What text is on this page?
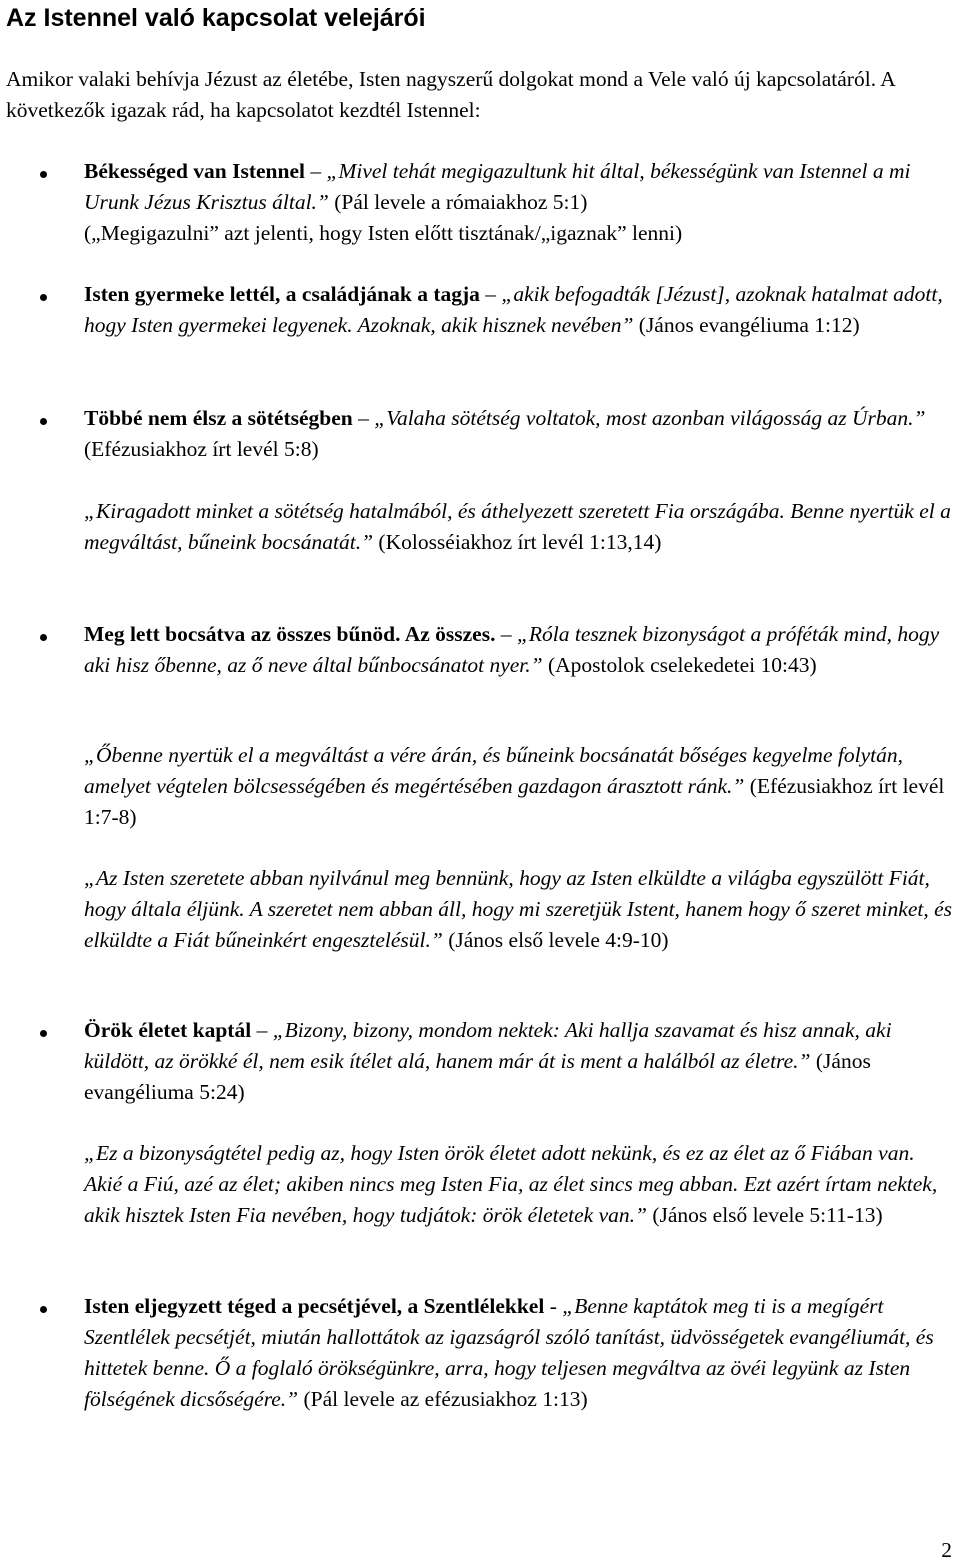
Az Istennel való kapcsolat velejárói

Amikor valaki behívja Jézust az életébe, Isten nagyszerű dolgokat mond a Vele való új kapcsolatáról. A következők igazak rád, ha kapcsolatot kezdtél Istennel:

Békességed van Istennel – „Mivel tehát megigazultunk hit által, békességünk van Istennel a mi Urunk Jézus Krisztus által.” (Pál levele a rómaiakhoz 5:1)
(„Megigazulni” azt jelenti, hogy Isten előtt tisztának/„igaznak” lenni)

Isten gyermeke lettél, a családjának a tagja – „akik befogadták [Jézust], azoknak hatalmat adott, hogy Isten gyermekei legyenek. Azoknak, akik hisznek nevében” (János evangéliuma 1:12)

Többé nem élsz a sötétségben – „Valaha sötétség voltatok, most azonban világosság az Úrban.” (Efézusiakhoz írt levél 5:8)

„Kiragadott minket a sötétség hatalmából, és áthelyezett szeretett Fia országába. Benne nyertük el a megváltást, bűneink bocsánatát.” (Kolosséiakhoz írt levél 1:13,14)

Meg lett bocsátva az összes bűnöd. Az összes. – „Róla tesznek bizonyságot a próféták mind, hogy aki hisz őbenne, az ő neve által bűnbocsánatot nyer.” (Apostolok cselekedetei 10:43)

„Őbenne nyertük el a megváltást a vére árán, és bűneink bocsánatát bőséges kegyelme folytán, amelyet végtelen bölcsességében és megértésében gazdagon árasztott ránk.” (Efézusiakhoz írt levél 1:7-8)

„Az Isten szeretete abban nyilvánul meg bennünk, hogy az Isten elküldte a világba egyszülött Fiát, hogy általa éljünk. A szeretet nem abban áll, hogy mi szeretjük Istent, hanem hogy ő szeret minket, és elküldte a Fiát bűneinkért engesztelésül.” (János első levele 4:9-10)

Örök életet kaptál – „Bizony, bizony, mondom nektek: Aki hallja szavamat és hisz annak, aki küldött, az örökké él, nem esik ítélet alá, hanem már át is ment a halálból az életre.” (János evangéliuma 5:24)

„Ez a bizonyságtétel pedig az, hogy Isten örök életet adott nekünk, és ez az élet az ő Fiában van. Akié a Fiú, azé az élet; akiben nincs meg Isten Fia, az élet sincs meg abban. Ezt azért írtam nektek, akik hisztek Isten Fia nevében, hogy tudjátok: örök életetek van.” (János első levele 5:11-13)

Isten eljegyzett téged a pecsétjével, a Szentlélekkel - „Benne kaptátok meg ti is a megígért Szentlélek pecsétjét, miután hallottátok az igazságról szóló tanítást, üdvösségetek evangéliumát, és hittetek benne. Ő a foglaló örökségünkre, arra, hogy teljesen megváltva az övéi legyünk az Isten fölségének dicsőségére.” (Pál levele az efézusiakhoz 1:13)

2
